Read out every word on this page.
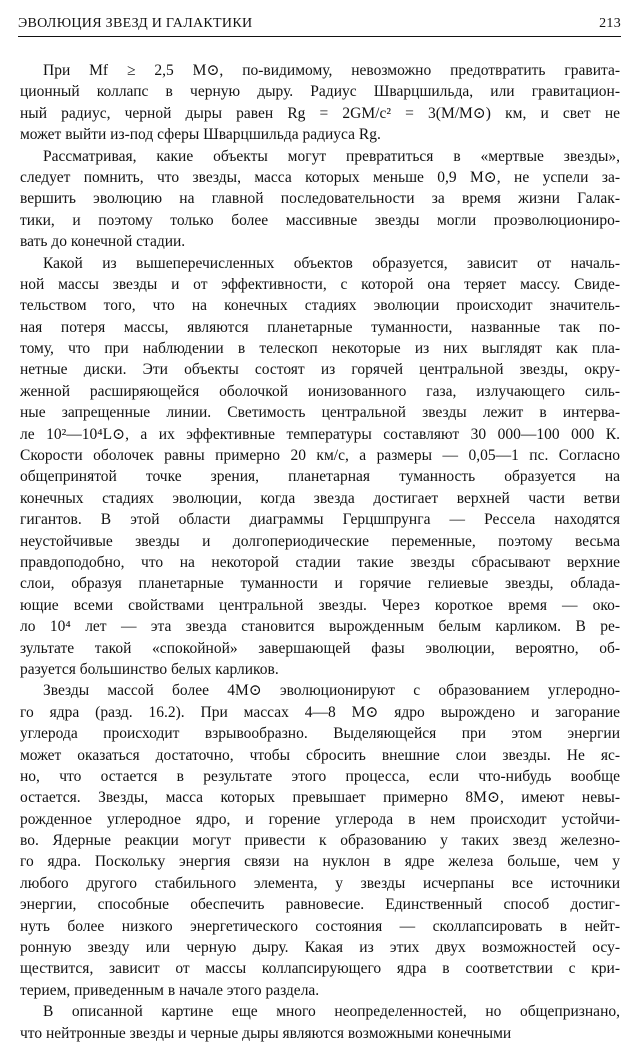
ЭВОЛЮЦИЯ ЗВЕЗД И ГАЛАКТИКИ	213
При Mf ≥ 2,5 M⊙, по-видимому, невозможно предотвратить гравита-
ционный коллапс в черную дыру. Радиус Шварцшильда, или гравитацион-
ный радиус, черной дыры равен Rg = 2GM/c² = 3(M/M⊙) км, и свет не
может выйти из-под сферы Шварцшильда радиуса Rg.
Рассматривая, какие объекты могут превратиться в «мертвые звезды»,
следует помнить, что звезды, масса которых меньше 0,9 M⊙, не успели за-
вершить эволюцию на главной последовательности за время жизни Галак-
тики, и поэтому только более массивные звезды могли проэволюциониро-
вать до конечной стадии.
Какой из вышеперечисленных объектов образуется, зависит от началь-
ной массы звезды и от эффективности, с которой она теряет массу. Свиде-
тельством того, что на конечных стадиях эволюции происходит значитель-
ная потеря массы, являются планетарные туманности, названные так по-
тому, что при наблюдении в телескоп некоторые из них выглядят как пла-
нетные диски. Эти объекты состоят из горячей центральной звезды, окру-
женной расширяющейся оболочкой ионизованного газа, излучающего силь-
ные запрещенные линии. Светимость центральной звезды лежит в интерва-
ле 10²—10⁴L⊙, а их эффективные температуры составляют 30 000—100 000 К.
Скорости оболочек равны примерно 20 км/с, а размеры — 0,05—1 пс. Согласно
общепринятой точке зрения, планетарная туманность образуется на
конечных стадиях эволюции, когда звезда достигает верхней части ветви
гигантов. В этой области диаграммы Герцшпрунга — Рессела находятся
неустойчивые звезды и долгопериодические переменные, поэтому весьма
правдоподобно, что на некоторой стадии такие звезды сбрасывают верхние
слои, образуя планетарные туманности и горячие гелиевые звезды, облада-
ющие всеми свойствами центральной звезды. Через короткое время — око-
ло 10⁴ лет — эта звезда становится вырожденным белым карликом. В ре-
зультате такой «спокойной» завершающей фазы эволюции, вероятно, об-
разуется большинство белых карликов.
Звезды массой более 4M⊙ эволюционируют с образованием углеродно-
го ядра (разд. 16.2). При массах 4—8 M⊙ ядро вырождено и загорание
углерода происходит взрывообразно. Выделяющейся при этом энергии
может оказаться достаточно, чтобы сбросить внешние слои звезды. Не яс-
но, что остается в результате этого процесса, если что-нибудь вообще
остается. Звезды, масса которых превышает примерно 8M⊙, имеют невы-
рожденное углеродное ядро, и горение углерода в нем происходит устойчи-
во. Ядерные реакции могут привести к образованию у таких звезд железно-
го ядра. Поскольку энергия связи на нуклон в ядре железа больше, чем у
любого другого стабильного элемента, у звезды исчерпаны все источники
энергии, способные обеспечить равновесие. Единственный способ достиг-
нуть более низкого энергетического состояния — сколлапсировать в нейт-
ронную звезду или черную дыру. Какая из этих двух возможностей осу-
ществится, зависит от массы коллапсирующего ядра в соответствии с кри-
терием, приведенным в начале этого раздела.
В описанной картине еще много неопределенностей, но общепризнано,
что нейтронные звезды и черные дыры являются возможными конечными
